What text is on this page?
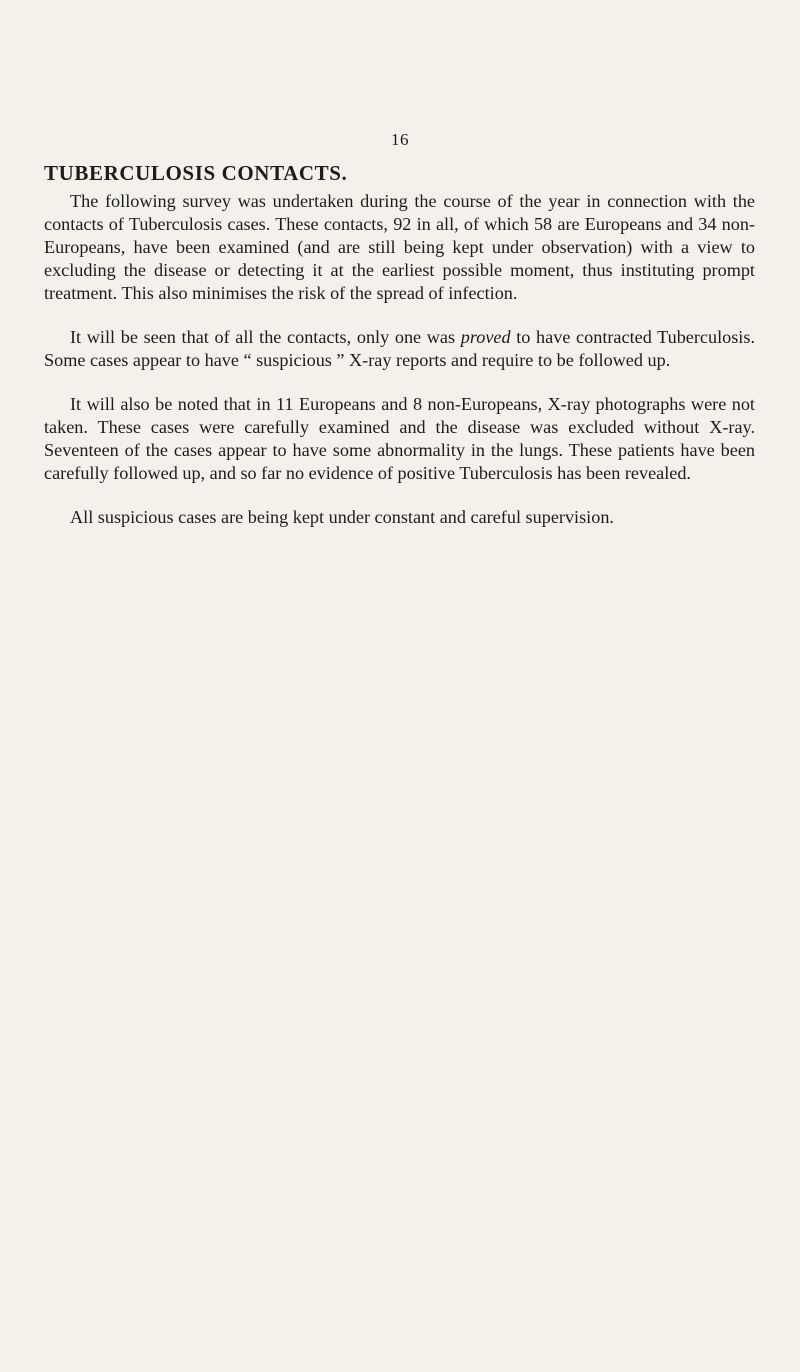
16
TUBERCULOSIS CONTACTS.

The following survey was undertaken during the course of the year in connection with the contacts of Tuberculosis cases. These contacts, 92 in all, of which 58 are Europeans and 34 non-Europeans, have been examined (and are still being kept under observation) with a view to excluding the disease or detecting it at the earliest possible moment, thus instituting prompt treatment. This also minimises the risk of the spread of infection.

It will be seen that of all the contacts, only one was proved to have contracted Tuberculosis. Some cases appear to have “ suspicious ” X-ray reports and require to be followed up.

It will also be noted that in 11 Europeans and 8 non-Europeans, X-ray photographs were not taken. These cases were carefully examined and the disease was excluded without X-ray. Seventeen of the cases appear to have some abnormality in the lungs. These patients have been carefully followed up, and so far no evidence of positive Tuberculosis has been revealed.

All suspicious cases are being kept under constant and careful supervision.
